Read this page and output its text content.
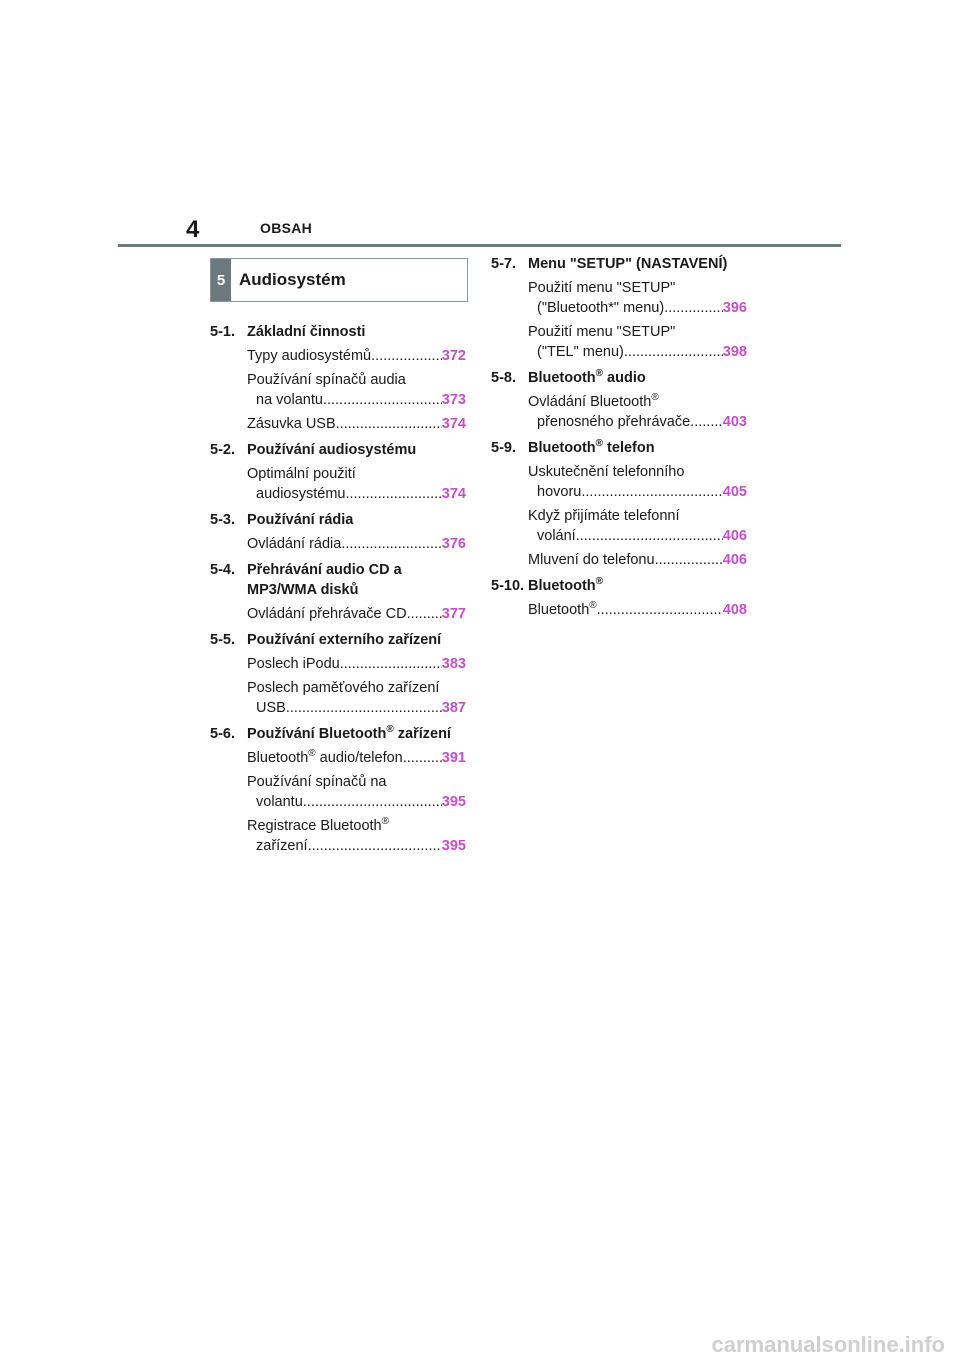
4	OBSAH
5 Audiosystém
5-1. Základní činnosti
Typy audiosystémů .....	372
Používání spínačů audia
na volantu .....	373
Zásuvka USB .....	374
5-2. Používání audiosystému
Optimální použití
audiosystému .....	374
5-3. Používání rádia
Ovládání rádia .....	376
5-4. Přehrávání audio CD a MP3/WMA disků
Ovládání přehrávače CD ..... 377
5-5. Používání externího zařízení
Poslech iPodu .....	383
Poslech paměťového zařízení
USB .....	387
5-6. Používání Bluetooth® zařízení
Bluetooth® audio/telefon .....	391
Používání spínačů na
volantu .....	395
Registrace Bluetooth®
zařízení .....	395
5-7. Menu "SETUP" (NASTAVENÍ)
Použití menu "SETUP"
("Bluetooth*" menu) .....	396
Použití menu "SETUP"
("TEL" menu) .....	398
5-8. Bluetooth® audio
Ovládání Bluetooth®
přenosného přehrávače ..... 403
5-9. Bluetooth® telefon
Uskutečnění telefonního
hovoru .....	405
Když přijímáte telefonní
volání .....	406
Mluvení do telefonu .....	406
5-10. Bluetooth®
Bluetooth® .....	408
carmanualsonline.info
